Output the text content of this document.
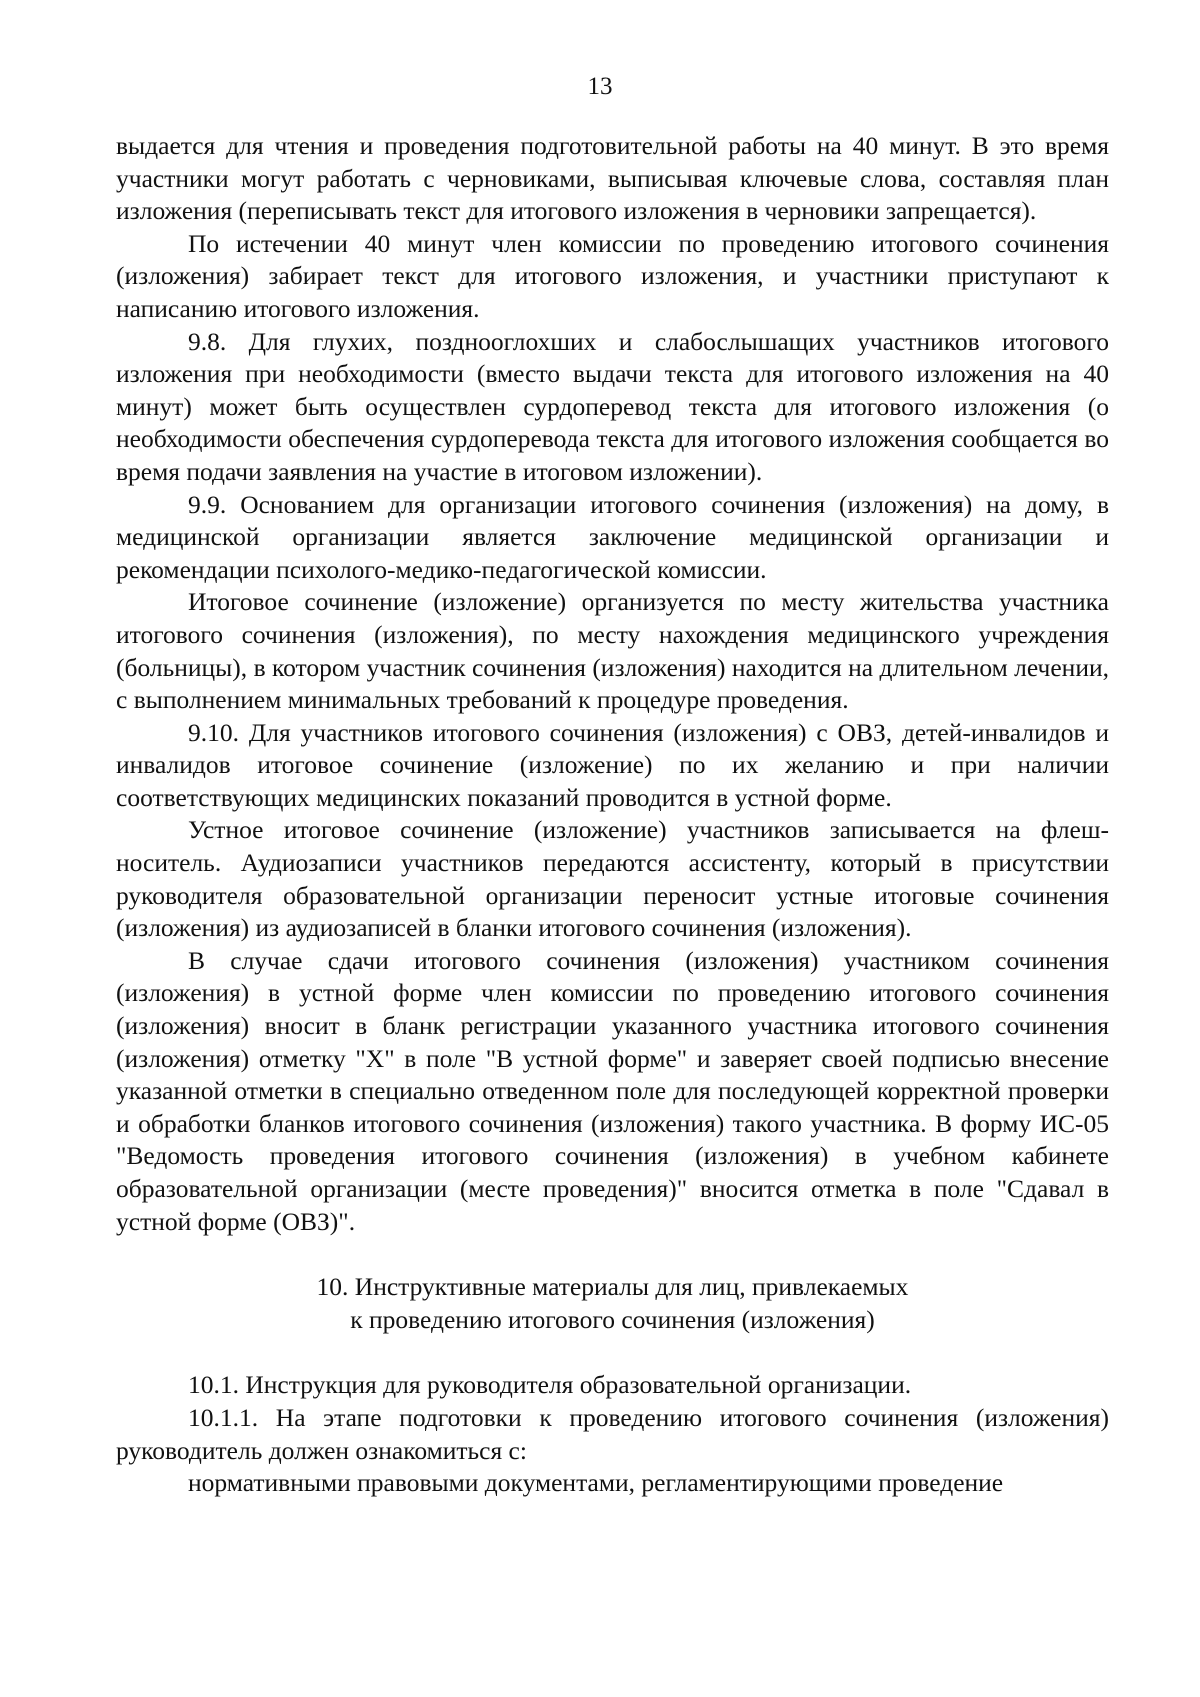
13

выдается для чтения и проведения подготовительной работы на 40 минут. В это время участники могут работать с черновиками, выписывая ключевые слова, составляя план изложения (переписывать текст для итогового изложения в черновики запрещается).

По истечении 40 минут член комиссии по проведению итогового сочинения (изложения) забирает текст для итогового изложения, и участники приступают к написанию итогового изложения.

9.8. Для глухих, позднооглохших и слабослышащих участников итогового изложения при необходимости (вместо выдачи текста для итогового изложения на 40 минут) может быть осуществлен сурдоперевод текста для итогового изложения (о необходимости обеспечения сурдоперевода текста для итогового изложения сообщается во время подачи заявления на участие в итоговом изложении).

9.9. Основанием для организации итогового сочинения (изложения) на дому, в медицинской организации является заключение медицинской организации и рекомендации психолого-медико-педагогической комиссии.

Итоговое сочинение (изложение) организуется по месту жительства участника итогового сочинения (изложения), по месту нахождения медицинского учреждения (больницы), в котором участник сочинения (изложения) находится на длительном лечении, с выполнением минимальных требований к процедуре проведения.

9.10. Для участников итогового сочинения (изложения) с ОВЗ, детей-инвалидов и инвалидов итоговое сочинение (изложение) по их желанию и при наличии соответствующих медицинских показаний проводится в устной форме.

Устное итоговое сочинение (изложение) участников записывается на флеш-носитель. Аудиозаписи участников передаются ассистенту, который в присутствии руководителя образовательной организации переносит устные итоговые сочинения (изложения) из аудиозаписей в бланки итогового сочинения (изложения).

В случае сдачи итогового сочинения (изложения) участником сочинения (изложения) в устной форме член комиссии по проведению итогового сочинения (изложения) вносит в бланк регистрации указанного участника итогового сочинения (изложения) отметку "Х" в поле "В устной форме" и заверяет своей подписью внесение указанной отметки в специально отведенном поле для последующей корректной проверки и обработки бланков итогового сочинения (изложения) такого участника. В форму ИС-05 "Ведомость проведения итогового сочинения (изложения) в учебном кабинете образовательной организации (месте проведения)" вносится отметка в поле "Сдавал в устной форме (ОВЗ)".

10. Инструктивные материалы для лиц, привлекаемых
к проведению итогового сочинения (изложения)

10.1. Инструкция для руководителя образовательной организации.

10.1.1. На этапе подготовки к проведению итогового сочинения (изложения) руководитель должен ознакомиться с:

нормативными правовыми документами, регламентирующими проведение
